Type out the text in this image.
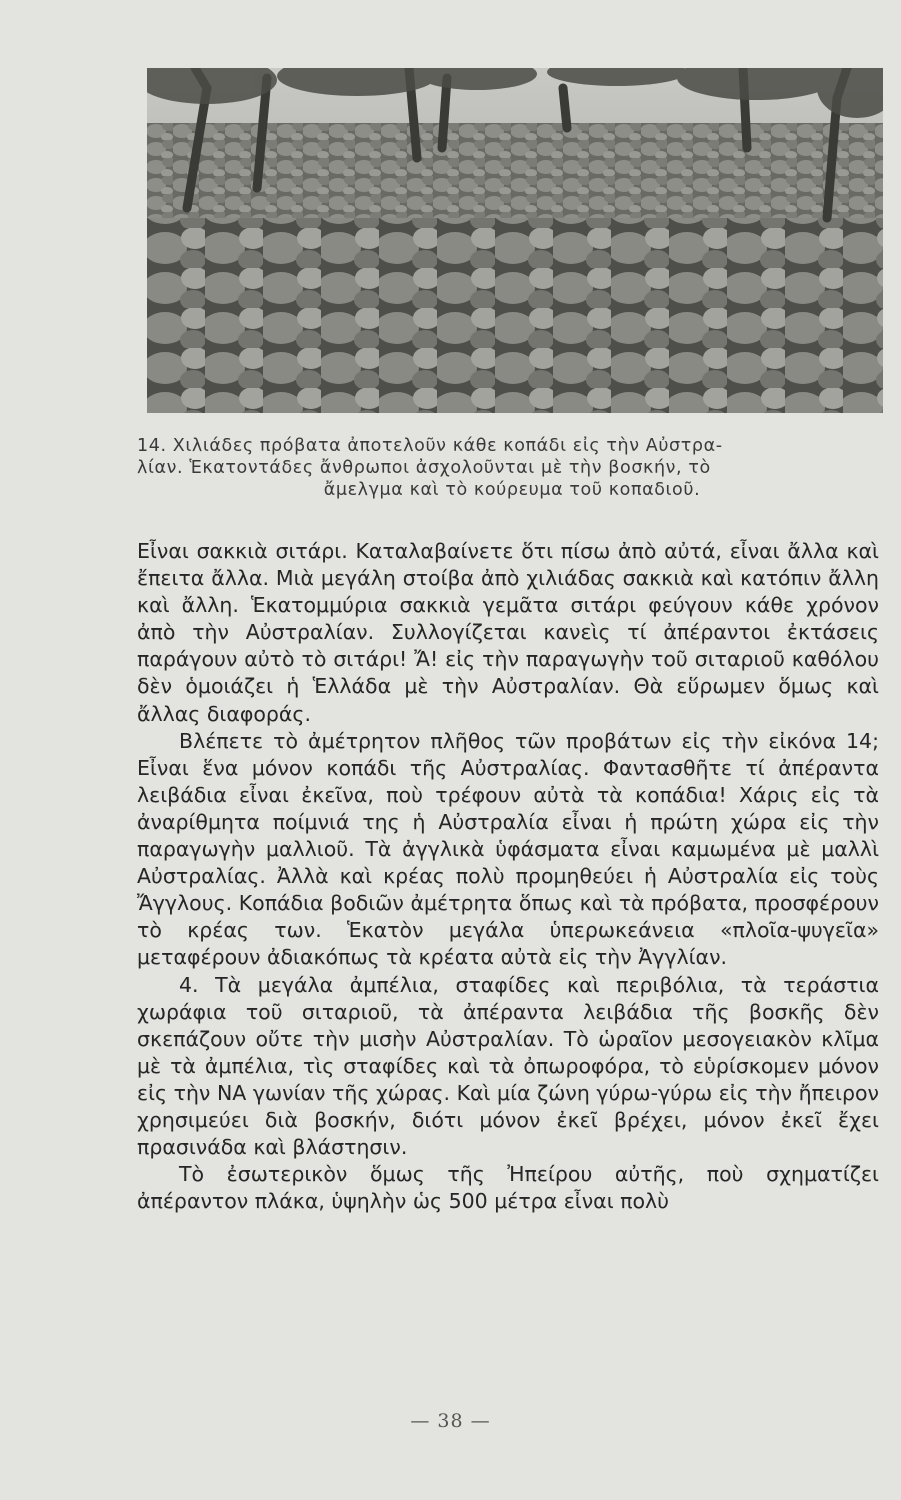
14. Χιλιάδες πρόβατα ἀποτελοῦν κάθε κοπάδι εἰς τὴν Αὐστρα-
λίαν. Ἑκατοντάδες ἄνθρωποι ἀσχολοῦνται μὲ τὴν βοσκήν, τὸ

ἄμελγμα καὶ τὸ κούρευμα τοῦ κοπαδιοῦ.

Εἶναι σακκιὰ σιτάρι. Καταλαβαίνετε ὅτι πίσω ἀπὸ αὐτά, εἶναι ἄλλα καὶ ἔπειτα ἄλλα. Μιὰ μεγάλη στοίβα ἀπὸ χιλιάδας σακκιὰ καὶ κατόπιν ἄλλη καὶ ἄλλη. Ἑκατομμύρια σακκιὰ γεμᾶτα σιτάρι φεύγουν κάθε χρόνον ἀπὸ τὴν Αὐστραλίαν. Συλλογίζεται κανεὶς τί ἀπέραντοι ἐκτάσεις παράγουν αὐτὸ τὸ σιτάρι! Ἄ! εἰς τὴν παραγωγὴν τοῦ σιταριοῦ καθόλου δὲν ὁμοιάζει ἡ Ἑλλάδα μὲ τὴν Αὐστραλίαν. Θὰ εὕρωμεν ὅμως καὶ ἄλλας διαφοράς.

Βλέπετε τὸ ἀμέτρητον πλῆθος τῶν προβάτων εἰς τὴν εἰκόνα 14; Εἶναι ἕνα μόνον κοπάδι τῆς Αὐστραλίας. Φαντασθῆτε τί ἀπέραντα λειβάδια εἶναι ἐκεῖνα, ποὺ τρέφουν αὐτὰ τὰ κοπάδια! Χάρις εἰς τὰ ἀναρίθμητα ποίμνιά της ἡ Αὐστραλία εἶναι ἡ πρώτη χώρα εἰς τὴν παραγωγὴν μαλλιοῦ. Τὰ ἀγγλικὰ ὑφάσματα εἶναι καμωμένα μὲ μαλλὶ Αὐστραλίας. Ἀλλὰ καὶ κρέας πολὺ προμηθεύει ἡ Αὐστραλία εἰς τοὺς Ἄγγλους. Κοπάδια βοδιῶν ἀμέτρητα ὅπως καὶ τὰ πρόβατα, προσφέρουν τὸ κρέας των. Ἑκατὸν μεγάλα ὑπερωκεάνεια «πλοῖα-ψυγεῖα» μεταφέρουν ἀδιακόπως τὰ κρέατα αὐτὰ εἰς τὴν Ἀγγλίαν.

4. Τὰ μεγάλα ἀμπέλια, σταφίδες καὶ περιβόλια, τὰ τεράστια χωράφια τοῦ σιταριοῦ, τὰ ἀπέραντα λειβάδια τῆς βοσκῆς δὲν σκεπάζουν οὔτε τὴν μισὴν Αὐστραλίαν. Τὸ ὡραῖον μεσογειακὸν κλῖμα μὲ τὰ ἀμπέλια, τὶς σταφίδες καὶ τὰ ὀπωροφόρα, τὸ εὑρίσκομεν μόνον εἰς τὴν ΝΑ γωνίαν τῆς χώρας. Καὶ μία ζώνη γύρω-γύρω εἰς τὴν ἤπειρον χρησιμεύει διὰ βοσκήν, διότι μόνον ἐκεῖ βρέχει, μόνον ἐκεῖ ἔχει πρασινάδα καὶ βλάστησιν.

Τὸ ἐσωτερικὸν ὅμως τῆς Ἠπείρου αὐτῆς, ποὺ σχηματίζει ἀπέραντον πλάκα, ὑψηλὴν ὡς 500 μέτρα εἶναι πολὺ

— 38 —
